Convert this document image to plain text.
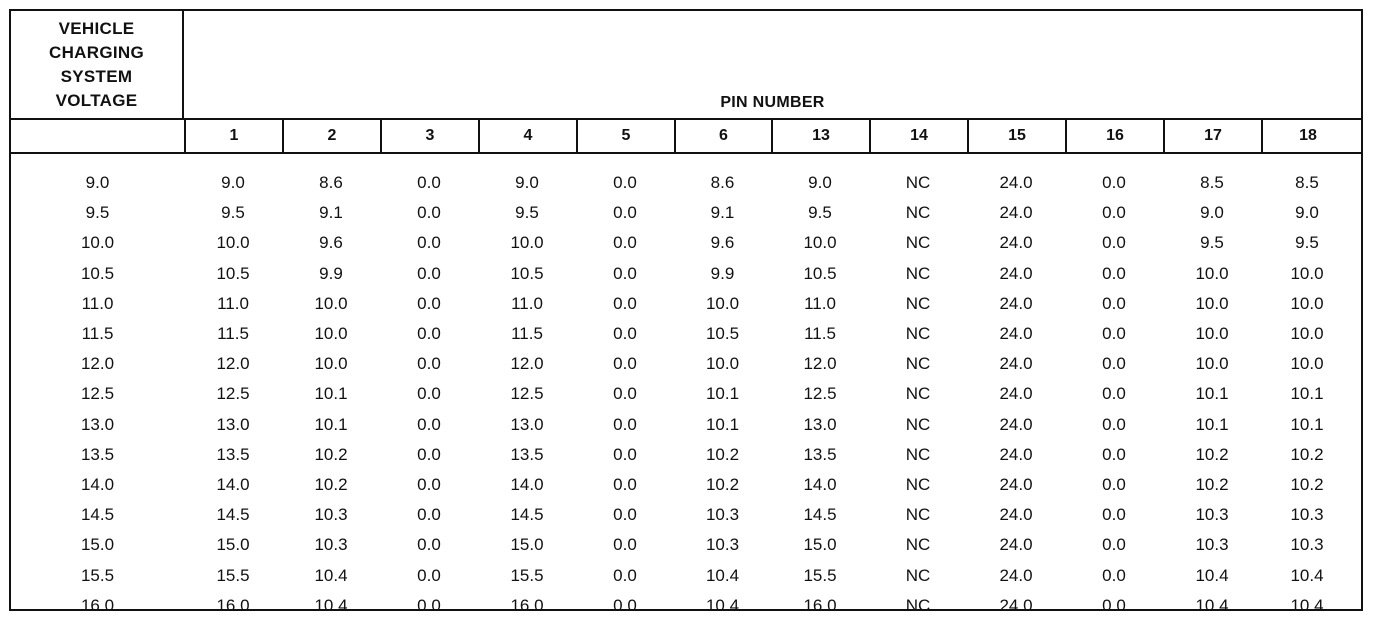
VEHICLE
CHARGING
SYSTEM
VOLTAGE	PIN NUMBER
1	2	3	4	5	6	13	14	15	16	17	18
9.0	9.0	8.6	0.0	9.0	0.0	8.6	9.0	NC	24.0	0.0	8.5	8.5
9.5	9.5	9.1	0.0	9.5	0.0	9.1	9.5	NC	24.0	0.0	9.0	9.0
10.0	10.0	9.6	0.0	10.0	0.0	9.6	10.0	NC	24.0	0.0	9.5	9.5
10.5	10.5	9.9	0.0	10.5	0.0	9.9	10.5	NC	24.0	0.0	10.0	10.0
11.0	11.0	10.0	0.0	11.0	0.0	10.0	11.0	NC	24.0	0.0	10.0	10.0
11.5	11.5	10.0	0.0	11.5	0.0	10.5	11.5	NC	24.0	0.0	10.0	10.0
12.0	12.0	10.0	0.0	12.0	0.0	10.0	12.0	NC	24.0	0.0	10.0	10.0
12.5	12.5	10.1	0.0	12.5	0.0	10.1	12.5	NC	24.0	0.0	10.1	10.1
13.0	13.0	10.1	0.0	13.0	0.0	10.1	13.0	NC	24.0	0.0	10.1	10.1
13.5	13.5	10.2	0.0	13.5	0.0	10.2	13.5	NC	24.0	0.0	10.2	10.2
14.0	14.0	10.2	0.0	14.0	0.0	10.2	14.0	NC	24.0	0.0	10.2	10.2
14.5	14.5	10.3	0.0	14.5	0.0	10.3	14.5	NC	24.0	0.0	10.3	10.3
15.0	15.0	10.3	0.0	15.0	0.0	10.3	15.0	NC	24.0	0.0	10.3	10.3
15.5	15.5	10.4	0.0	15.5	0.0	10.4	15.5	NC	24.0	0.0	10.4	10.4
16.0	16.0	10.4	0.0	16.0	0.0	10.4	16.0	NC	24.0	0.0	10.4	10.4
